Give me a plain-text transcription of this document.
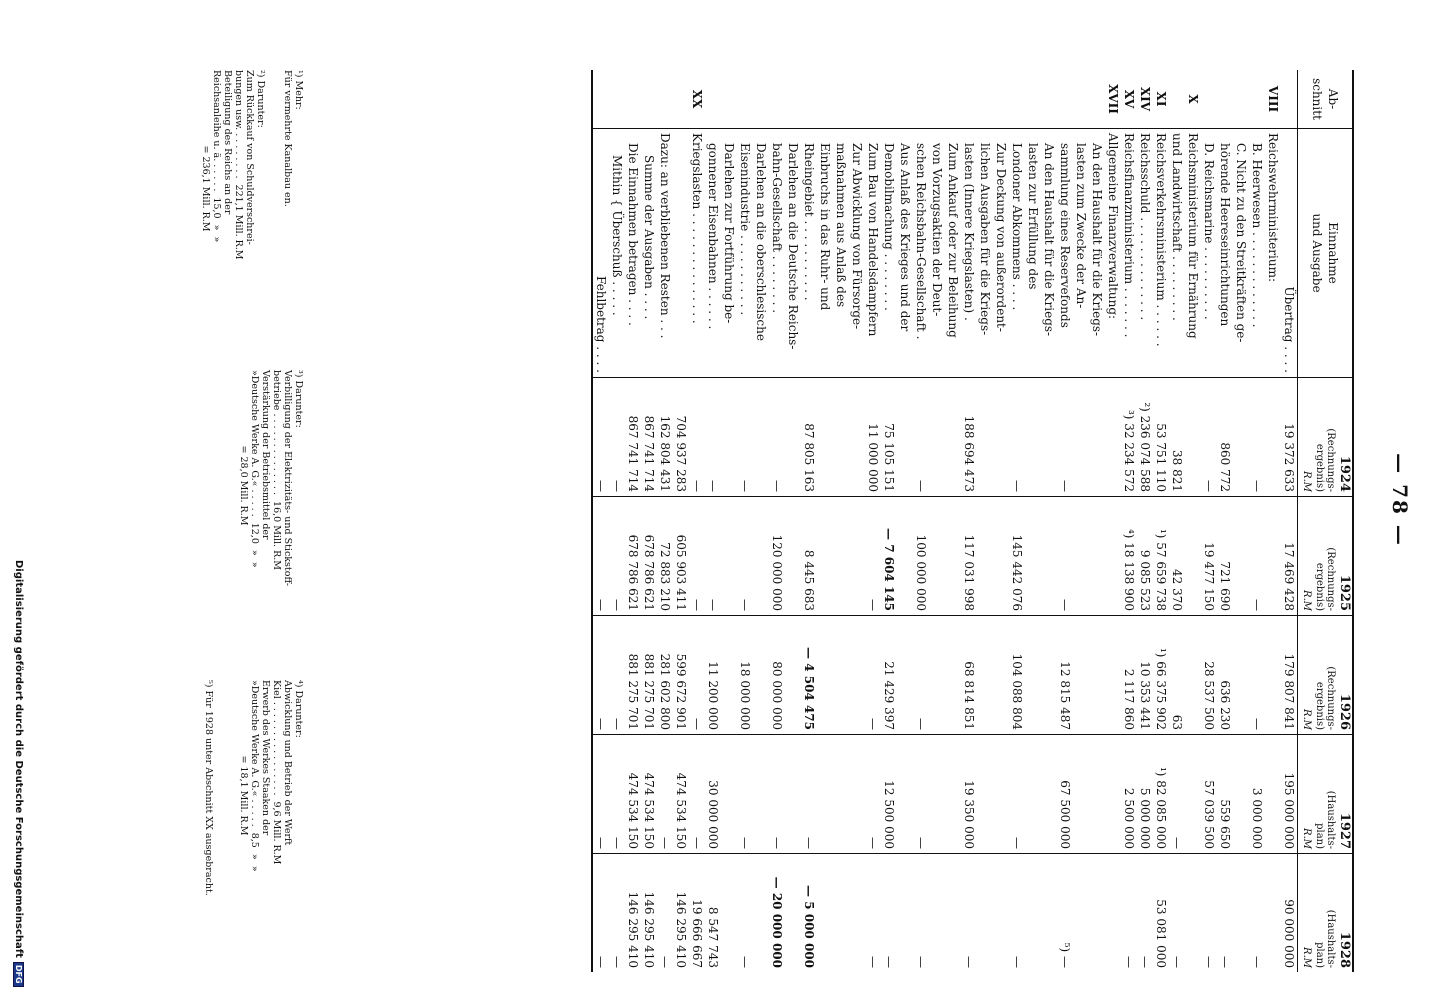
— 78 —
Ab-
schnitt	Einnahme
und Ausgabe	1924
(Rechnungs-
ergebnis)
R.M	1925
(Rechnungs-
ergebnis)
R.M	1926
(Rechnungs-
ergebnis)
R.M	1927
(Haushalts-
plan)
R.M	1928
(Haushalts-
plan)
R.M

	Übertrag . . . .	19 372 633	17 469 428	179 807 841	195 000 000	90 000 000
VIII	Reichswehrministerium:					
	B. Heerwesen . . . . . . . . . . . . .	—	—	—	3 000 000	—
	C. Nicht zu den Streitkräften ge-
hörende Heereseinrichtungen	860 772	721 690	636 230	559 650	—
	D. Reichsmarine . . . . . . . . . .	—	19 477 150	28 537 500	57 039 500	—
X	Reichsministerium für Ernährung
und Landwirtschaft . . . . . . . . .	38 821	42 370	63	—	—
XI	Reichsverkehrsministerium . . . . . .	53 751 110	¹) 57 659 738	¹) 66 375 902	¹) 82 085 000	53 081 000
XIV	Reichsschuld . . . . . . . . . . . . . .	²) 236 074 588	9 085 523	10 353 441	5 000 000	—
XV	Reichsfinanzministerium . . . . . . .	³) 32 234 572	⁴) 18 138 900	2 117 860	2 500 000	—
XVII	Allgemeine Finanzverwaltung:					
	An den Haushalt für die Kriegs-
lasten zum Zwecke der An-
sammlung eines Reservefonds	—	—	12 815 487	67 500 000	⁵) —
	An den Haushalt für die Kriegs-
lasten zur Erfüllung des
Londoner Abkommens . . . .	—	145 442 076	104 088 804	—	—
	Zur Deckung von außerordent-
lichen Ausgaben für die Kriegs-
lasten (Innere Kriegslasten) .	188 694 473	117 031 998	68 814 851	19 350 000	—
	Zum Ankauf oder zur Beleihung
von Vorzugsaktien der Deut-
schen Reichsbahn-Gesellschaft .	—	100 000 000	—	—	—
	Aus Anlaß des Krieges und der
Demobilmachung . . . . . . . .	75 105 151	— 7 604 145	21 429 397	12 500 000	—
	Zum Bau von Handelsdampfern	11 000 000	—	—	—	—
	Zur Abwicklung von Fürsorge-
maßnahmen aus Anlaß des
Einbruchs in das Ruhr- und
Rheingebiet . . . . . . . . . . .	87 805 163	8 445 683	— 4 504 475	—	— 5 000 000
	Darlehen an die Deutsche Reichs-
bahn-Gesellschaft . . . . . . . .	—	120 000 000	80 000 000	—	— 20 000 000
	Darlehen an die oberschlesische
Eisenindustrie . . . . . . . . . . .	—	—	18 000 000	—	—
	Darlehen zur Fortführung be-
gonnener Eisenbahnen . . . . . .	—	—	11 200 000	30 000 000	8 547 743
XX	Kriegslasten . . . . . . . . . . . . . . .	—	—	—	—	19 666 667
		704 937 283	605 903 411	599 672 901	474 534 150	146 295 410
	Dazu: an verbliebenen Resten . . .	162 804 431	72 883 210	281 602 800	—	—
	Summe der Ausgaben . . . .	867 741 714	678 786 621	881 275 701	474 534 150	146 295 410
	Die Einnahmen betragen . . . .	867 741 714	678 786 621	881 275 701	474 534 150	146 295 410
	Mithin { Überschuß . . . . .	—	—	—	—	—
	Fehlbetrag . . . .	—	—	—	—	—
¹) Mehr:
Für vermehrte Kanalbau en.
²) Darunter:
Zum Rückkauf von Schuldverschrei-
bungen usw. . . . . . . . .  221,1 Mill. R.M
Beteiligung des Reichs an der
Reichsanleihe u. ä. . . . . .  15,0  »  »
= 236,1 Mill. R.M
³) Darunter:
Verbilligung der Elektrizitäts- und Stickstoff-
betriebe . . . . . . . . . . . . . .  16,0 Mill. R.M
Verstärkung der Betriebsmittel der
»Deutsche Werke A. G.« . . . . .  12,0  »  »
= 28,0 Mill. R.M
⁴) Darunter:
Abwicklung und Betrieb der Werft
Kiel . . . . . . . . . . . . . . . .  9,6 Mill. R.M
Erwerb des Werkes Staaken der
»Deutsche Werke A. G.« . . . . .  8,5  »  »
= 18,1 Mill. R.M
⁵) Für 1928 unter Abschnitt XX ausgebracht.
Digitalisierung gefördert durch die Deutsche ForschungsgemeinschaftDFG
